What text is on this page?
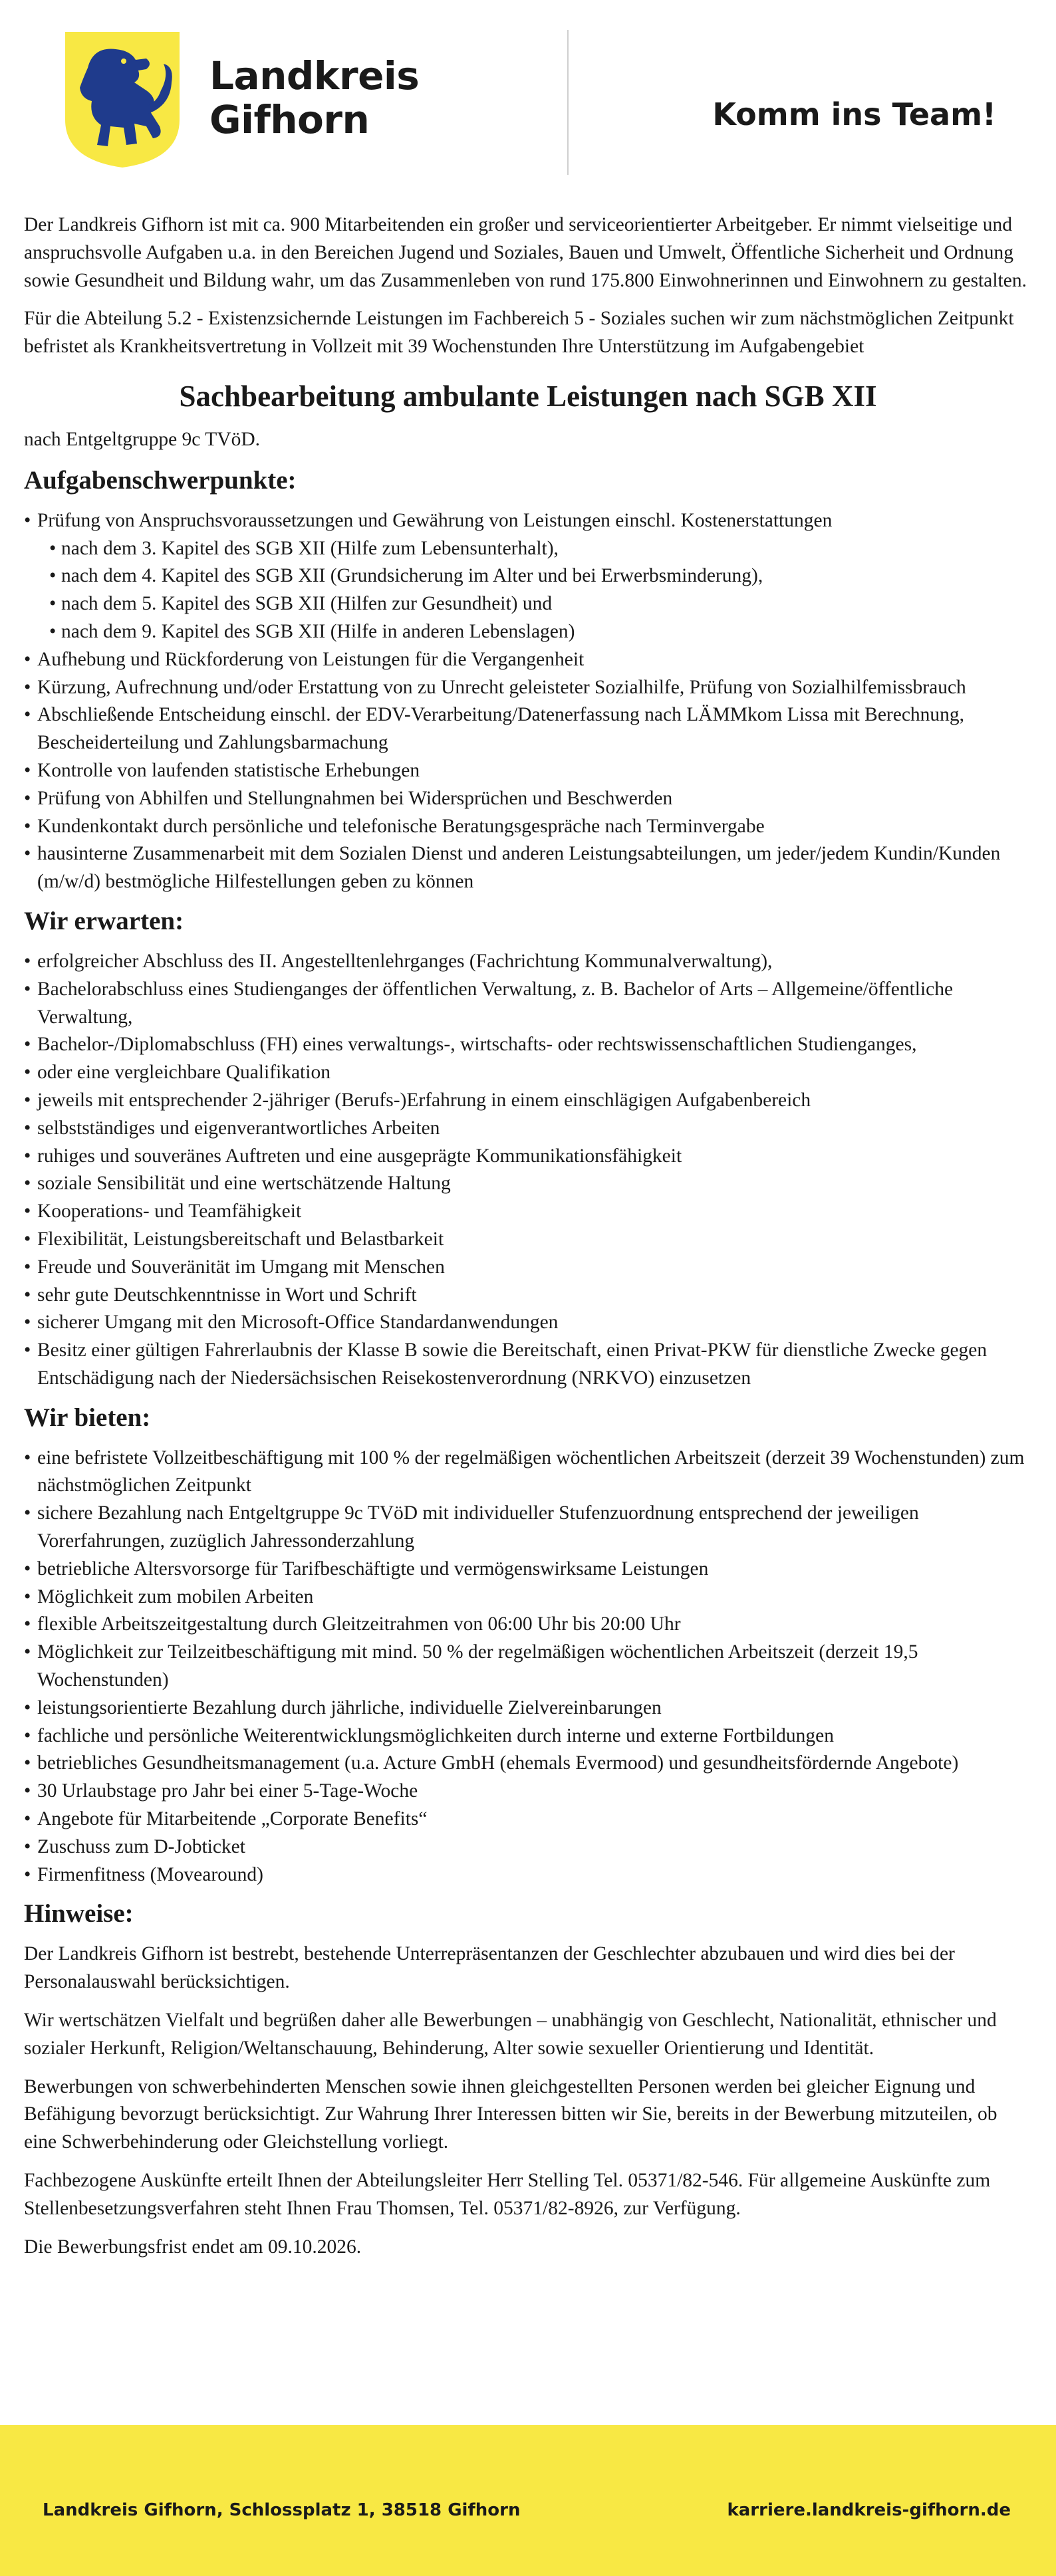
Landkreis
Gifhorn	Komm ins Team!

Der Landkreis Gifhorn ist mit ca. 900 Mitarbeitenden ein großer und serviceorientierter Arbeitgeber. Er nimmt vielseitige und anspruchsvolle Aufgaben u.a. in den Bereichen Jugend und Soziales, Bauen und Umwelt, Öffentliche Sicherheit und Ordnung sowie Gesundheit und Bildung wahr, um das Zusammenleben von rund 175.800 Einwohnerinnen und Einwohnern zu gestalten.

Für die Abteilung 5.2 - Existenzsichernde Leistungen im Fachbereich 5 - Soziales suchen wir zum nächstmöglichen Zeitpunkt befristet als Krankheitsvertretung in Vollzeit mit 39 Wochenstunden Ihre Unterstützung im Aufgabengebiet

Sachbearbeitung ambulante Leistungen nach SGB XII

nach Entgeltgruppe 9c TVöD.

Aufgabenschwerpunkte:
• Prüfung von Anspruchsvoraussetzungen und Gewährung von Leistungen einschl. Kostenerstattungen
• nach dem 3. Kapitel des SGB XII (Hilfe zum Lebensunterhalt),
• nach dem 4. Kapitel des SGB XII (Grundsicherung im Alter und bei Erwerbsminderung),
• nach dem 5. Kapitel des SGB XII (Hilfen zur Gesundheit) und
• nach dem 9. Kapitel des SGB XII (Hilfe in anderen Lebenslagen)
• Aufhebung und Rückforderung von Leistungen für die Vergangenheit
• Kürzung, Aufrechnung und/oder Erstattung von zu Unrecht geleisteter Sozialhilfe, Prüfung von Sozialhilfemissbrauch
• Abschließende Entscheidung einschl. der EDV-Verarbeitung/Datenerfassung nach LÄMMkom Lissa mit Berechnung, Bescheiderteilung und Zahlungsbarmachung
• Kontrolle von laufenden statistische Erhebungen
• Prüfung von Abhilfen und Stellungnahmen bei Widersprüchen und Beschwerden
• Kundenkontakt durch persönliche und telefonische Beratungsgespräche nach Terminvergabe
• hausinterne Zusammenarbeit mit dem Sozialen Dienst und anderen Leistungsabteilungen, um jeder/jedem Kundin/Kunden (m/w/d) bestmögliche Hilfestellungen geben zu können
Wir erwarten:
• erfolgreicher Abschluss des II. Angestelltenlehrganges (Fachrichtung Kommunalverwaltung),
• Bachelorabschluss eines Studienganges der öffentlichen Verwaltung, z. B. Bachelor of Arts – Allgemeine/öffentliche Verwaltung,
• Bachelor-/Diplomabschluss (FH) eines verwaltungs-, wirtschafts- oder rechtswissenschaftlichen Studienganges,
• oder eine vergleichbare Qualifikation
• jeweils mit entsprechender 2-jähriger (Berufs-)Erfahrung in einem einschlägigen Aufgabenbereich
• selbstständiges und eigenverantwortliches Arbeiten
• ruhiges und souveränes Auftreten und eine ausgeprägte Kommunikationsfähigkeit
• soziale Sensibilität und eine wertschätzende Haltung
• Kooperations- und Teamfähigkeit
• Flexibilität, Leistungsbereitschaft und Belastbarkeit
• Freude und Souveränität im Umgang mit Menschen
• sehr gute Deutschkenntnisse in Wort und Schrift
• sicherer Umgang mit den Microsoft-Office Standardanwendungen
• Besitz einer gültigen Fahrerlaubnis der Klasse B sowie die Bereitschaft, einen Privat-PKW für dienstliche Zwecke gegen Entschädigung nach der Niedersächsischen Reisekostenverordnung (NRKVO) einzusetzen
Wir bieten:
• eine befristete Vollzeitbeschäftigung mit 100 % der regelmäßigen wöchentlichen Arbeitszeit (derzeit 39 Wochenstunden) zum nächstmöglichen Zeitpunkt
• sichere Bezahlung nach Entgeltgruppe 9c TVöD mit individueller Stufenzuordnung entsprechend der jeweiligen Vorerfahrungen, zuzüglich Jahressonderzahlung
• betriebliche Altersvorsorge für Tarifbeschäftigte und vermögenswirksame Leistungen
• Möglichkeit zum mobilen Arbeiten
• flexible Arbeitszeitgestaltung durch Gleitzeitrahmen von 06:00 Uhr bis 20:00 Uhr
• Möglichkeit zur Teilzeitbeschäftigung mit mind. 50 % der regelmäßigen wöchentlichen Arbeitszeit (derzeit 19,5 Wochenstunden)
• leistungsorientierte Bezahlung durch jährliche, individuelle Zielvereinbarungen
• fachliche und persönliche Weiterentwicklungsmöglichkeiten durch interne und externe Fortbildungen
• betriebliches Gesundheitsmanagement (u.a. Acture GmbH (ehemals Evermood) und gesundheitsfördernde Angebote)
• 30 Urlaubstage pro Jahr bei einer 5-Tage-Woche
• Angebote für Mitarbeitende „Corporate Benefits“
• Zuschuss zum D-Jobticket
• Firmenfitness (Movearound)
Hinweise:

Der Landkreis Gifhorn ist bestrebt, bestehende Unterrepräsentanzen der Geschlechter abzubauen und wird dies bei der Personalauswahl berücksichtigen.

Wir wertschätzen Vielfalt und begrüßen daher alle Bewerbungen – unabhängig von Geschlecht, Nationalität, ethnischer und sozialer Herkunft, Religion/Weltanschauung, Behinderung, Alter sowie sexueller Orientierung und Identität.

Bewerbungen von schwerbehinderten Menschen sowie ihnen gleichgestellten Personen werden bei gleicher Eignung und Befähigung bevorzugt berücksichtigt. Zur Wahrung Ihrer Interessen bitten wir Sie, bereits in der Bewerbung mitzuteilen, ob eine Schwerbehinderung oder Gleichstellung vorliegt.

Fachbezogene Auskünfte erteilt Ihnen der Abteilungsleiter Herr Stelling Tel. 05371/82-546. Für allgemeine Auskünfte zum Stellenbesetzungsverfahren steht Ihnen Frau Thomsen, Tel. 05371/82-8926, zur Verfügung.

Die Bewerbungsfrist endet am 09.10.2026.

Landkreis Gifhorn, Schlossplatz 1, 38518 Gifhorn	karriere.landkreis-gifhorn.de
